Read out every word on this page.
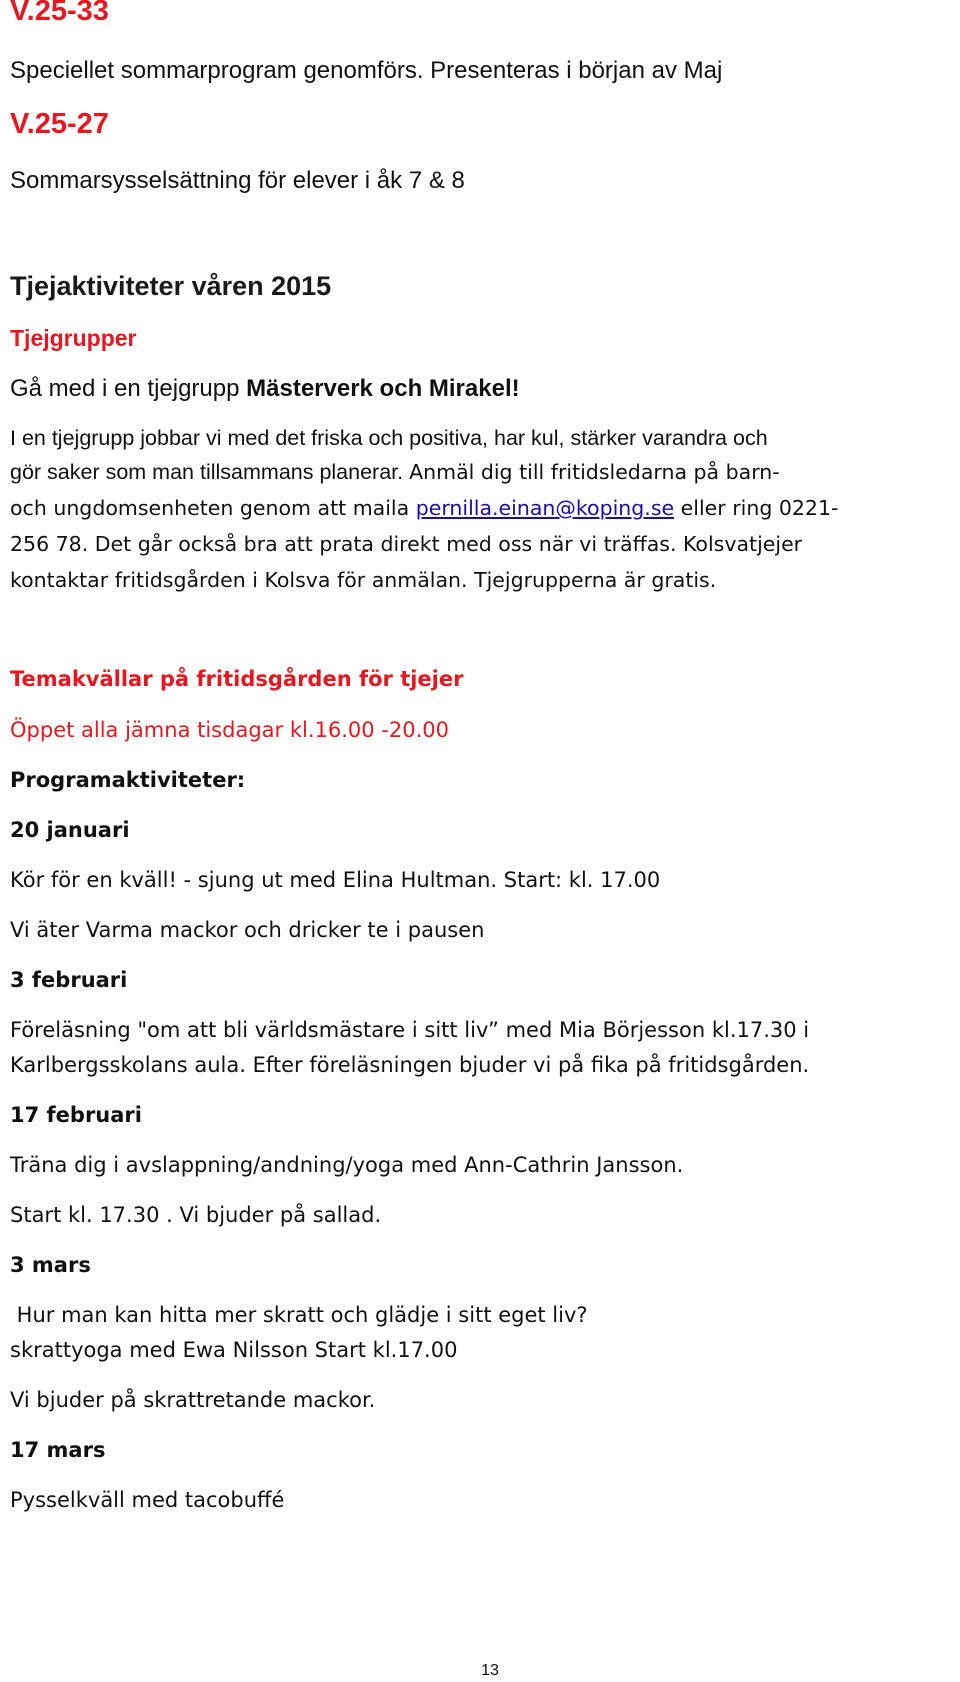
V.25-33
Speciellet sommarprogram genomförs. Presenteras i början av Maj
V.25-27
Sommarsysselsättning för elever i åk 7 & 8
Tjejaktiviteter våren 2015
Tjejgrupper
Gå med i en tjejgrupp Mästerverk och Mirakel!
I en tjejgrupp jobbar vi med det friska och positiva, har kul, stärker varandra och
gör saker som man tillsammans planerar. Anmäl dig till fritidsledarna på barn-
och ungdomsenheten genom att maila pernilla.einan@koping.se eller ring 0221-
256 78. Det går också bra att prata direkt med oss när vi träffas. Kolsvatjejer
kontaktar fritidsgården i Kolsva för anmälan. Tjejgrupperna är gratis.
Temakvällar på fritidsgården för tjejer
Öppet alla jämna tisdagar kl.16.00 -20.00
Programaktiviteter:
20 januari
Kör för en kväll! - sjung ut med Elina Hultman. Start: kl. 17.00
Vi äter Varma mackor och dricker te i pausen
3 februari
Föreläsning "om att bli världsmästare i sitt liv” med Mia Börjesson kl.17.30 i
Karlbergsskolans aula. Efter föreläsningen bjuder vi på fika på fritidsgården.
17 februari
Träna dig i avslappning/andning/yoga med Ann-Cathrin Jansson.
Start kl. 17.30 . Vi bjuder på sallad.
3 mars
Hur man kan hitta mer skratt och glädje i sitt eget liv?
skrattyoga med Ewa Nilsson Start kl.17.00
Vi bjuder på skrattretande mackor.
17 mars
Pysselkväll med tacobuffé
13
